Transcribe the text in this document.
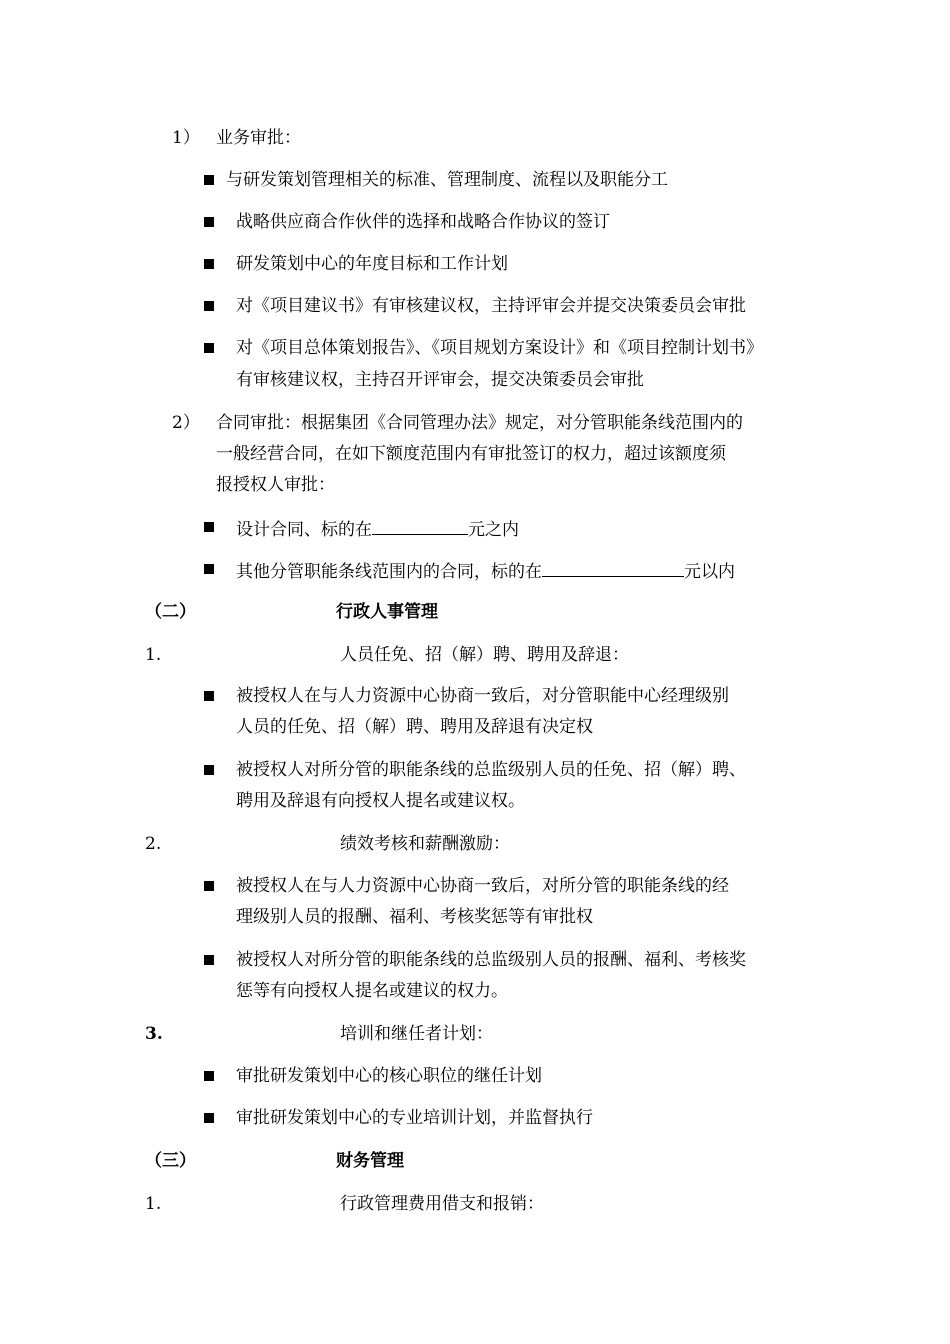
1） 业务审批：
与研发策划管理相关的标准、管理制度、流程以及职能分工
战略供应商合作伙伴的选择和战略合作协议的签订
研发策划中心的年度目标和工作计划
对《项目建议书》有审核建议权，主持评审会并提交决策委员会审批
对《项目总体策划报告》、《项目规划方案设计》和《项目控制计划书》
有审核建议权，主持召开评审会，提交决策委员会审批
2） 合同审批：根据集团《合同管理办法》规定，对分管职能条线范围内的
一般经营合同，在如下额度范围内有审批签订的权力，超过该额度须
报授权人审批：
设计合同、标的在	元之内
其他分管职能条线范围内的合同，标的在	元以内
（二）	行政人事管理
1.	人员任免、招（解）聘、聘用及辞退：
被授权人在与人力资源中心协商一致后，对分管职能中心经理级别
人员的任免、招（解）聘、聘用及辞退有决定权
被授权人对所分管的职能条线的总监级别人员的任免、招（解）聘、
聘用及辞退有向授权人提名或建议权。
2.	绩效考核和薪酬激励：
被授权人在与人力资源中心协商一致后，对所分管的职能条线的经
理级别人员的报酬、福利、考核奖惩等有审批权
被授权人对所分管的职能条线的总监级别人员的报酬、福利、考核奖
惩等有向授权人提名或建议的权力。
3.	培训和继任者计划：
审批研发策划中心的核心职位的继任计划
审批研发策划中心的专业培训计划，并监督执行
（三）	财务管理
1.	行政管理费用借支和报销：
